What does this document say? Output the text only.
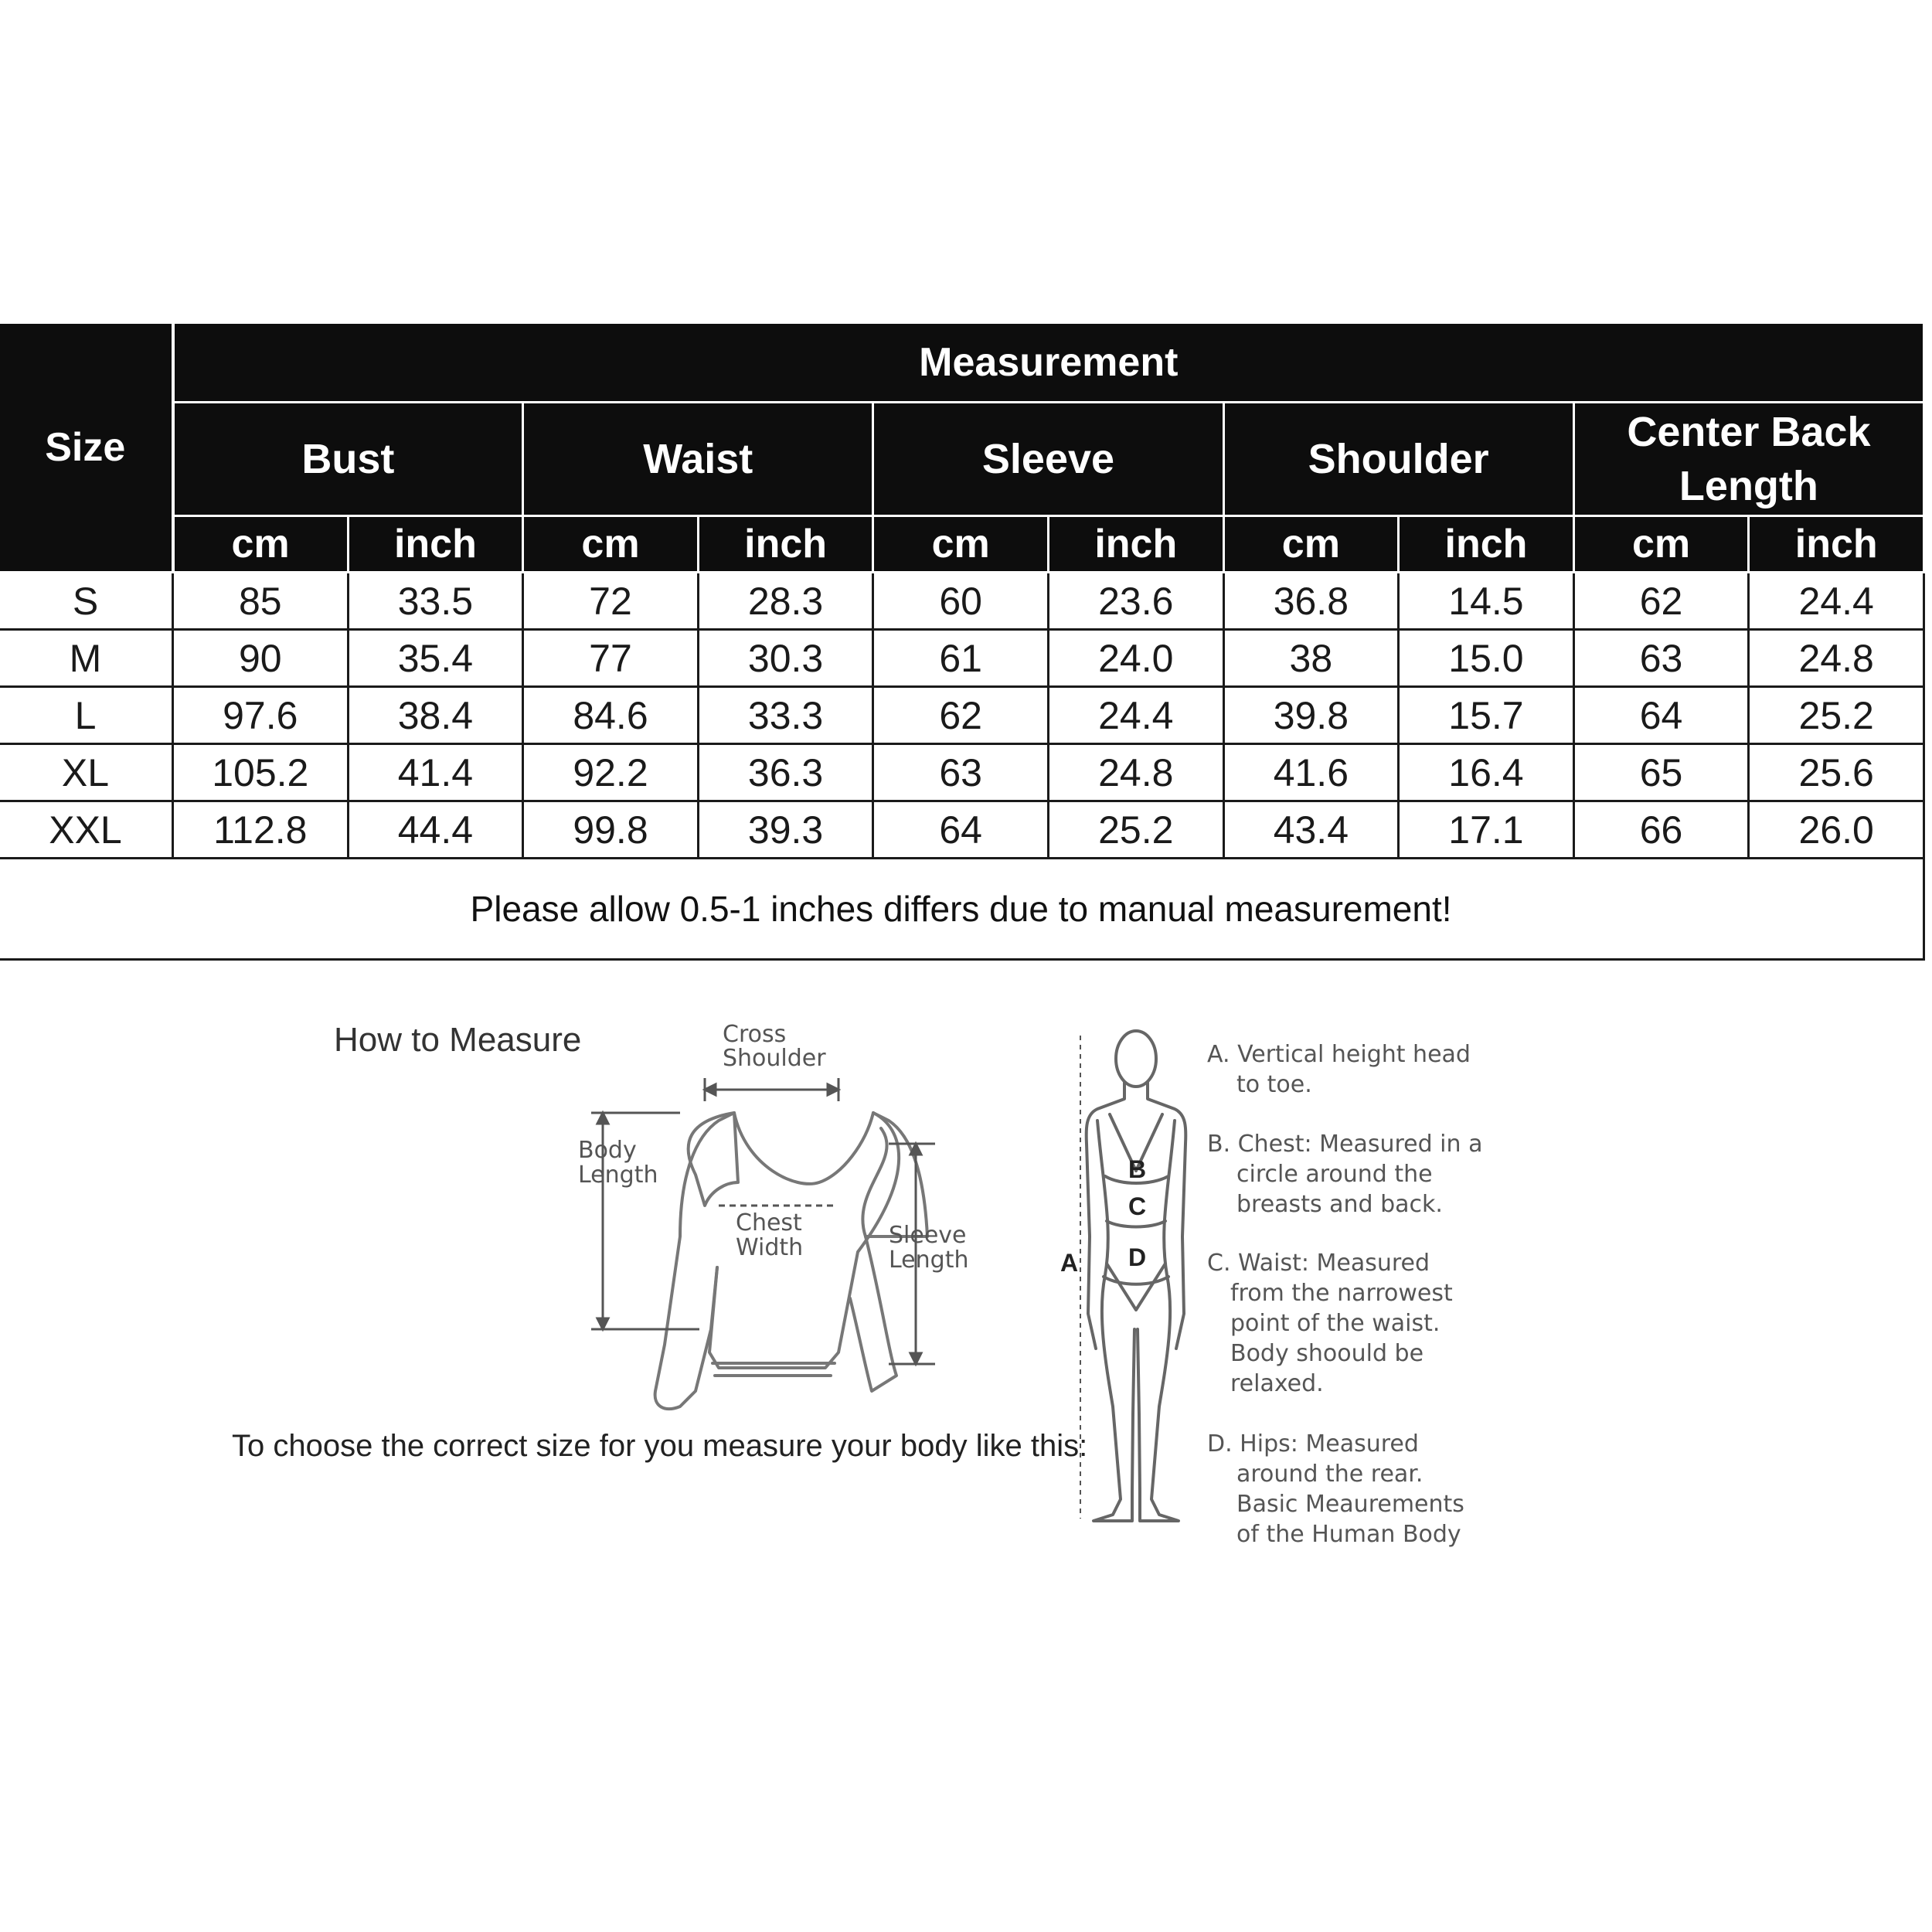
Size	Measurement									
	Bust		Waist		Sleeve		Shoulder		Center Back
Length	
	cm	inch	cm	inch	cm	inch	cm	inch	cm	inch
S	85	33.5	72	28.3	60	23.6	36.8	14.5	62	24.4
M	90	35.4	77	30.3	61	24.0	38	15.0	63	24.8
L	97.6	38.4	84.6	33.3	62	24.4	39.8	15.7	64	25.2
XL	105.2	41.4	92.2	36.3	63	24.8	41.6	16.4	65	25.6
XXL	112.8	44.4	99.8	39.3	64	25.2	43.4	17.1	66	26.0
Please allow 0.5-1 inches differs due to manual measurement!										
How to Measure
To choose the correct size for you measure your body like this:
Cross
Shoulder
Body
Length
Chest
Width	Sleeve
Length
B
C
A D
A. Vertical height head
to toe.
B. Chest: Measured in a
circle around the
breasts and back.
C. Waist: Measured
from the narrowest
point of the waist.
Body shoould be
relaxed.
D. Hips: Measured
around the rear.
Basic Meaurements
of the Human Body
